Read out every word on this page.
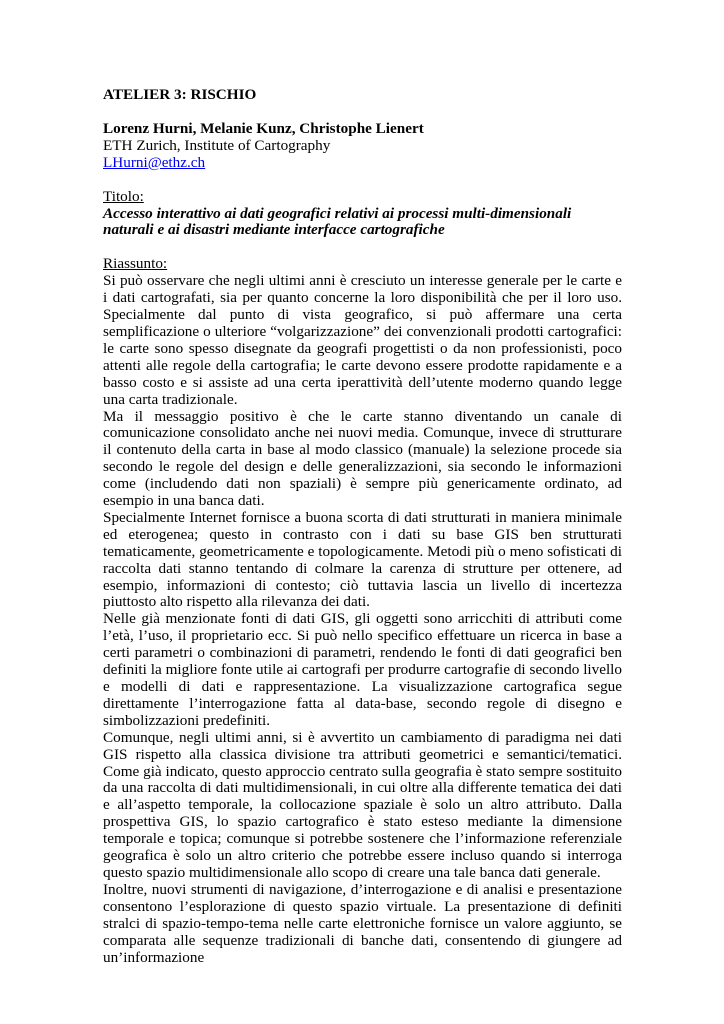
ATELIER 3: RISCHIO

Lorenz Hurni, Melanie Kunz, Christophe Lienert

ETH Zurich, Institute of Cartography

LHurni@ethz.ch

Titolo:

Accesso interattivo ai dati geografici relativi ai processi multi-dimensionali naturali e ai disastri mediante interfacce cartografiche

Riassunto:

Si può osservare che negli ultimi anni è cresciuto un interesse generale per le carte e i dati cartografati, sia per quanto concerne la loro disponibilità che per il loro uso. Specialmente dal punto di vista geografico, si può affermare una certa semplificazione o ulteriore “volgarizzazione” dei convenzionali prodotti cartografici: le carte sono spesso disegnate da geografi progettisti o da non professionisti, poco attenti alle regole della cartografia; le carte devono essere prodotte rapidamente e a basso costo e si assiste ad una certa iperattività dell’utente moderno quando legge una carta tradizionale.

Ma il messaggio positivo è che le carte stanno diventando un canale di comunicazione consolidato anche nei nuovi media. Comunque, invece di strutturare il contenuto della carta in base al modo classico (manuale) la selezione procede sia secondo le regole del design e delle generalizzazioni, sia secondo le informazioni come (includendo dati non spaziali) è sempre più genericamente ordinato, ad esempio in una banca dati.

Specialmente Internet fornisce a buona scorta di dati strutturati in maniera minimale ed eterogenea; questo in contrasto con i dati su base GIS ben strutturati tematicamente, geometricamente e topologicamente. Metodi più o meno sofisticati di raccolta dati stanno tentando di colmare la carenza di strutture per ottenere, ad esempio, informazioni di contesto; ciò tuttavia lascia un livello di incertezza piuttosto alto rispetto alla rilevanza dei dati.

Nelle già menzionate fonti di dati GIS, gli oggetti sono arricchiti di attributi come l’età, l’uso, il proprietario ecc. Si può nello specifico effettuare un ricerca in base a certi parametri o combinazioni di parametri, rendendo le fonti di dati geografici ben definiti la migliore fonte utile ai cartografi per produrre cartografie di secondo livello e modelli di dati e rappresentazione. La visualizzazione cartografica segue direttamente l’interrogazione fatta al data-base, secondo regole di disegno e simbolizzazioni predefiniti.

Comunque, negli ultimi anni, si è avvertito un cambiamento di paradigma nei dati GIS rispetto alla classica divisione tra attributi geometrici e semantici/tematici. Come già indicato, questo approccio centrato sulla geografia è stato sempre sostituito da una raccolta di dati multidimensionali, in cui oltre alla differente tematica dei dati e all’aspetto temporale, la collocazione spaziale è solo un altro attributo. Dalla prospettiva GIS, lo spazio cartografico è stato esteso mediante la dimensione temporale e topica; comunque si potrebbe sostenere che l’informazione referenziale geografica è solo un altro criterio che potrebbe essere incluso quando si interroga questo spazio multidimensionale allo scopo di creare una tale banca dati generale.

Inoltre, nuovi strumenti di navigazione, d’interrogazione e di analisi e presentazione consentono l’esplorazione di questo spazio virtuale. La presentazione di definiti stralci di spazio-tempo-tema nelle carte elettroniche fornisce un valore aggiunto, se comparata alle sequenze tradizionali di banche dati, consentendo di giungere ad un’informazione
